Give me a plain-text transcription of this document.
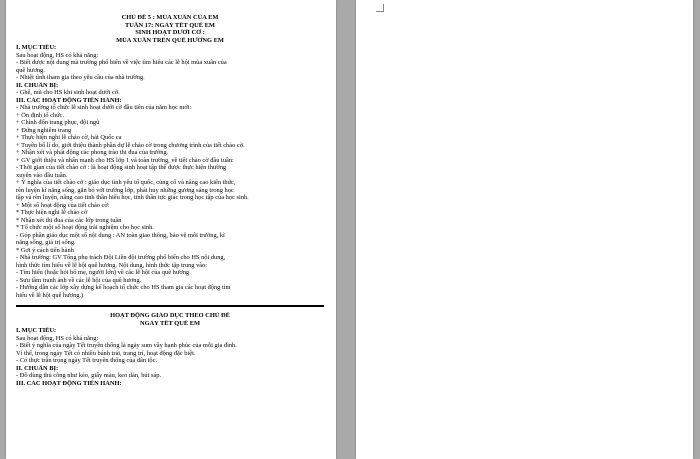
CHỦ ĐỀ 5 : MÙA XUÂN CỦA EM
TUẦN 17: NGÀY TẾT QUÊ EM
SINH HOẠT DƯỚI CỜ :
MÙA XUÂN TRÊN QUÊ HƯƠNG EM
I. MỤC TIÊU:
Sau hoạt động, HS có khả năng:
- Biết được nội dung mà trường phổ biến về việc tìm hiểu các lễ hội mùa xuân của
quê hương.
- Nhiệt tình tham gia theo yêu cầu của nhà trường.
II. CHUẨN BỊ:
- Ghế, mũ cho HS khi sinh hoạt dưới cờ.
III. CÁC HOẠT ĐỘNG TIẾN HÀNH:
- Nhà trường tổ chức lễ sinh hoạt dưới cờ đầu tiên của năm học mới:
+ Ổn định tổ chức.
+ Chỉnh đốn trang phục, đội ngũ
+ Đứng nghiêm trang
+ Thực hiện nghi lễ chào cờ, hát Quốc ca
+ Tuyên bố lí do, giới thiệu thành phần dự lễ chào cờ trong chương trình của tiết chào cờ.
+ Nhận xét và phát động các phong trào thi đua của trường.
+ GV giới thiệu và nhấn mạnh cho HS lớp 1 và toàn trường, về tiết chào cờ đầu tuần:
- Thời gian của tiết chào cờ : là hoạt động sinh hoạt tập thể được thực hiện thường
xuyên vào đầu tuần.
+ Ý nghĩa của tiết chào cờ : giáo dục tình yêu tổ quốc, củng cố và nâng cao kiến thức,
rèn luyện kĩ năng sống, gắn bó với trường lớp, phát huy những gương sáng trong học
tập và rèn luyện, nâng cao tinh thần hiếu học, tinh thần tực giác trong học tập của học sinh.
+ Một số hoạt động của tiết chào cờ:
* Thực hiện nghi lễ chào cờ
* Nhận xét thi đua của các lớp trong tuần
* Tổ chức một số hoạt động trải nghiệm cho học sinh.
- Góp phần giáo dục một số nội dung : AN toàn giao thông, bảo vệ môi trường, kĩ
năng sống, giá trị sống.
* Gợi ý cách tiến hành
- Nhà trường: GV Tổng phụ trách Đội Liên đội trường phổ biến cho HS nội dung,
hình thức tìm hiểu về lễ hội quê hương. Nội dung, hình thức tập trung vào:
- Tìm hiểu (hoặc hỏi bố mẹ, người lớn) về các lễ hội của quê hương
- Sưu tầm tranh ảnh về các lễ hội của quê hương.
- Hướng dẫn các lớp xây dựng kế hoạch tổ chức cho HS tham gia các hoạt động tìm
hiểu về lễ hội quê hương.)
HOẠT ĐỘNG GIÁO DỤC THEO CHỦ ĐỀ
NGÀY TẾT QUÊ EM
I. MỤC TIÊU:
Sau hoạt động, HS có khả năng:
- Biết ý nghĩa của ngày Tết truyền thống là ngày sum vầy hạnh phúc của mỗi gia đình.
Vì thế, trong ngày Tết có nhiều bánh trái, trang trí, hoạt động đặc biệt.
- Có thực trân trọng ngày Tết truyền thống của dân tộc.
II. CHUẨN BỊ:
- Đồ dùng thủ công như kéo, giấy màu, keo dán, bút sáp.
III. CÁC HOẠT ĐỘNG TIẾN HÀNH:
